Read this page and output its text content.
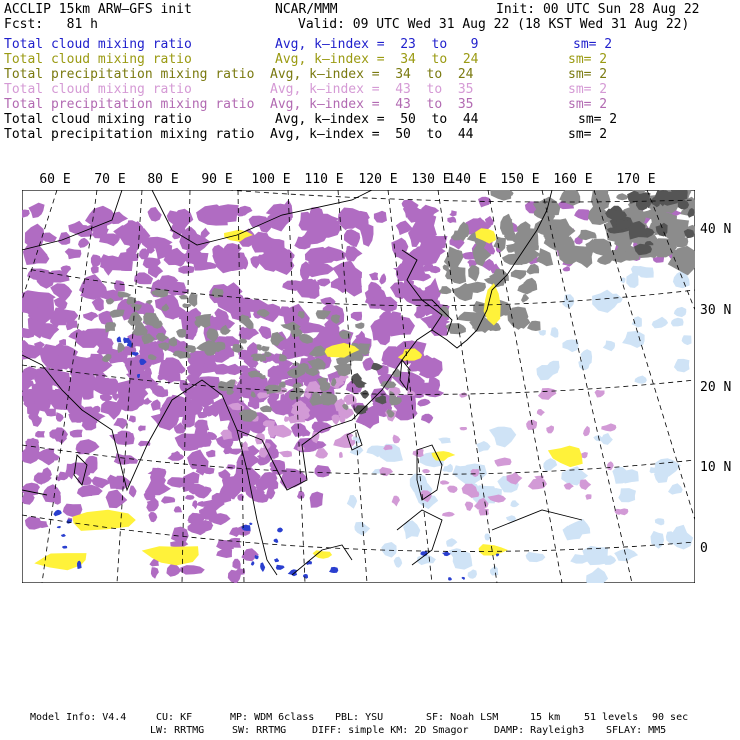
ACCLIP 15km ARW–GFS init	NCAR/MMM	Init: 00 UTC Sun 28 Aug 22
Fcst:   81 h	Valid: 09 UTC Wed 31 Aug 22 (18 KST Wed 31 Aug 22)
Total cloud mixing ratio	Avg, k–index =  23  to   9	sm= 2
Total cloud mixing ratio	Avg, k–index =  34  to  24	sm= 2
Total precipitation mixing ratio Avg, k–index =  34  to  24	sm= 2
Total cloud mixing ratio	Avg, k–index =  43  to  35	sm= 2
Total precipitation mixing ratio Avg, k–index =  43  to  35	sm= 2
Total cloud mixing ratio	Avg, k–index =  50  to  44	sm= 2
Total precipitation mixing ratio Avg, k–index =  50  to  44	sm= 2
60 E 70 E 80 E 90 E 100 E 110 E 120 E 130 E
140 E 150 E 160 E 170 E
40 N
30 N
20 N
10 N
0
Model Info: V4.4	CU: KF	MP: WDM 6class PBL: YSU	SF: Noah LSM	15 km 51 levels 90 sec
LW: RRTMG	SW: RRTMG	DIFF: simple KM: 2D Smagor	DAMP: Rayleigh3 SFLAY: MM5
